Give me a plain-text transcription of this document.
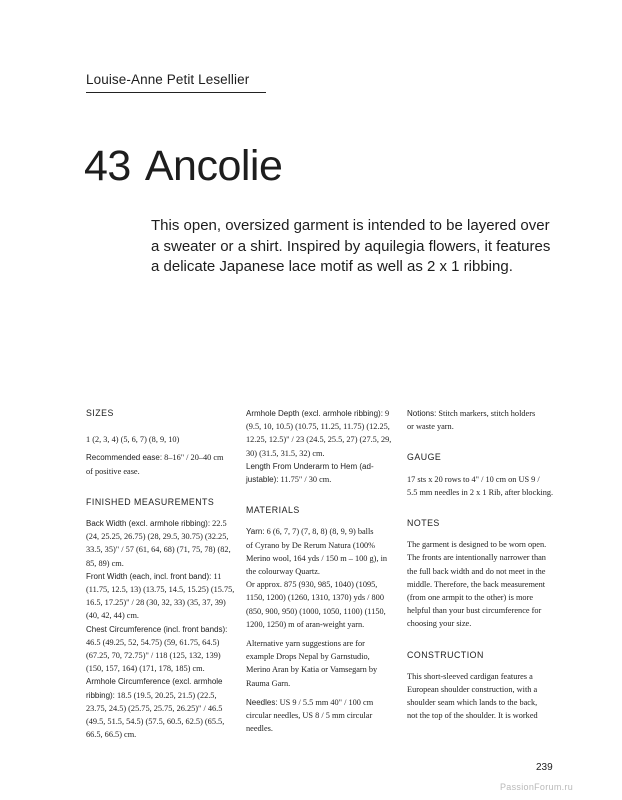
Louise-Anne Petit Lesellier
43 Ancolie
This open, oversized garment is intended to be layered over
a sweater or a shirt. Inspired by aquilegia flowers, it features
a delicate Japanese lace motif as well as 2 x 1 ribbing.
SIZES
1 (2, 3, 4) (5, 6, 7) (8, 9, 10)
Recommended ease: 8–16" / 20–40 cm
of positive ease.
FINISHED MEASUREMENTS
Back Width (excl. armhole ribbing): 22.5
(24, 25.25, 26.75) (28, 29.5, 30.75) (32.25,
33.5, 35)" / 57 (61, 64, 68) (71, 75, 78) (82,
85, 89) cm.
Front Width (each, incl. front band): 11
(11.75, 12.5, 13) (13.75, 14.5, 15.25) (15.75,
16.5, 17.25)" / 28 (30, 32, 33) (35, 37, 39)
(40, 42, 44) cm.
Chest Circumference (incl. front bands):
46.5 (49.25, 52, 54.75) (59, 61.75, 64.5)
(67.25, 70, 72.75)" / 118 (125, 132, 139)
(150, 157, 164) (171, 178, 185) cm.
Armhole Circumference (excl. armhole
ribbing): 18.5 (19.5, 20.25, 21.5) (22.5,
23.75, 24.5) (25.75, 25.75, 26.25)" / 46.5
(49.5, 51.5, 54.5) (57.5, 60.5, 62.5) (65.5,
66.5, 66.5) cm.
Armhole Depth (excl. armhole ribbing): 9
(9.5, 10, 10.5) (10.75, 11.25, 11.75) (12.25,
12.25, 12.5)" / 23 (24.5, 25.5, 27) (27.5, 29,
30) (31.5, 31.5, 32) cm.
Length From Underarm to Hem (ad-
justable): 11.75" / 30 cm.
MATERIALS
Yarn: 6 (6, 7, 7) (7, 8, 8) (8, 9, 9) balls
of Cyrano by De Rerum Natura (100%
Merino wool, 164 yds / 150 m – 100 g), in
the colourway Quartz.
Or approx. 875 (930, 985, 1040) (1095,
1150, 1200) (1260, 1310, 1370) yds / 800
(850, 900, 950) (1000, 1050, 1100) (1150,
1200, 1250) m of aran-weight yarn.
Alternative yarn suggestions are for
example Drops Nepal by Garnstudio,
Merino Aran by Katia or Vamsegarn by
Rauma Garn.
Needles: US 9 / 5.5 mm 40" / 100 cm
circular needles, US 8 / 5 mm circular
needles.
Notions: Stitch markers, stitch holders
or waste yarn.
GAUGE
17 sts x 20 rows to 4" / 10 cm on US 9 /
5.5 mm needles in 2 x 1 Rib, after blocking.
NOTES
The garment is designed to be worn open.
The fronts are intentionally narrower than
the full back width and do not meet in the
middle. Therefore, the back measurement
(from one armpit to the other) is more
helpful than your bust circumference for
choosing your size.
CONSTRUCTION
This short-sleeved cardigan features a
European shoulder construction, with a
shoulder seam which lands to the back,
not the top of the shoulder. It is worked
239
PassionForum.ru
